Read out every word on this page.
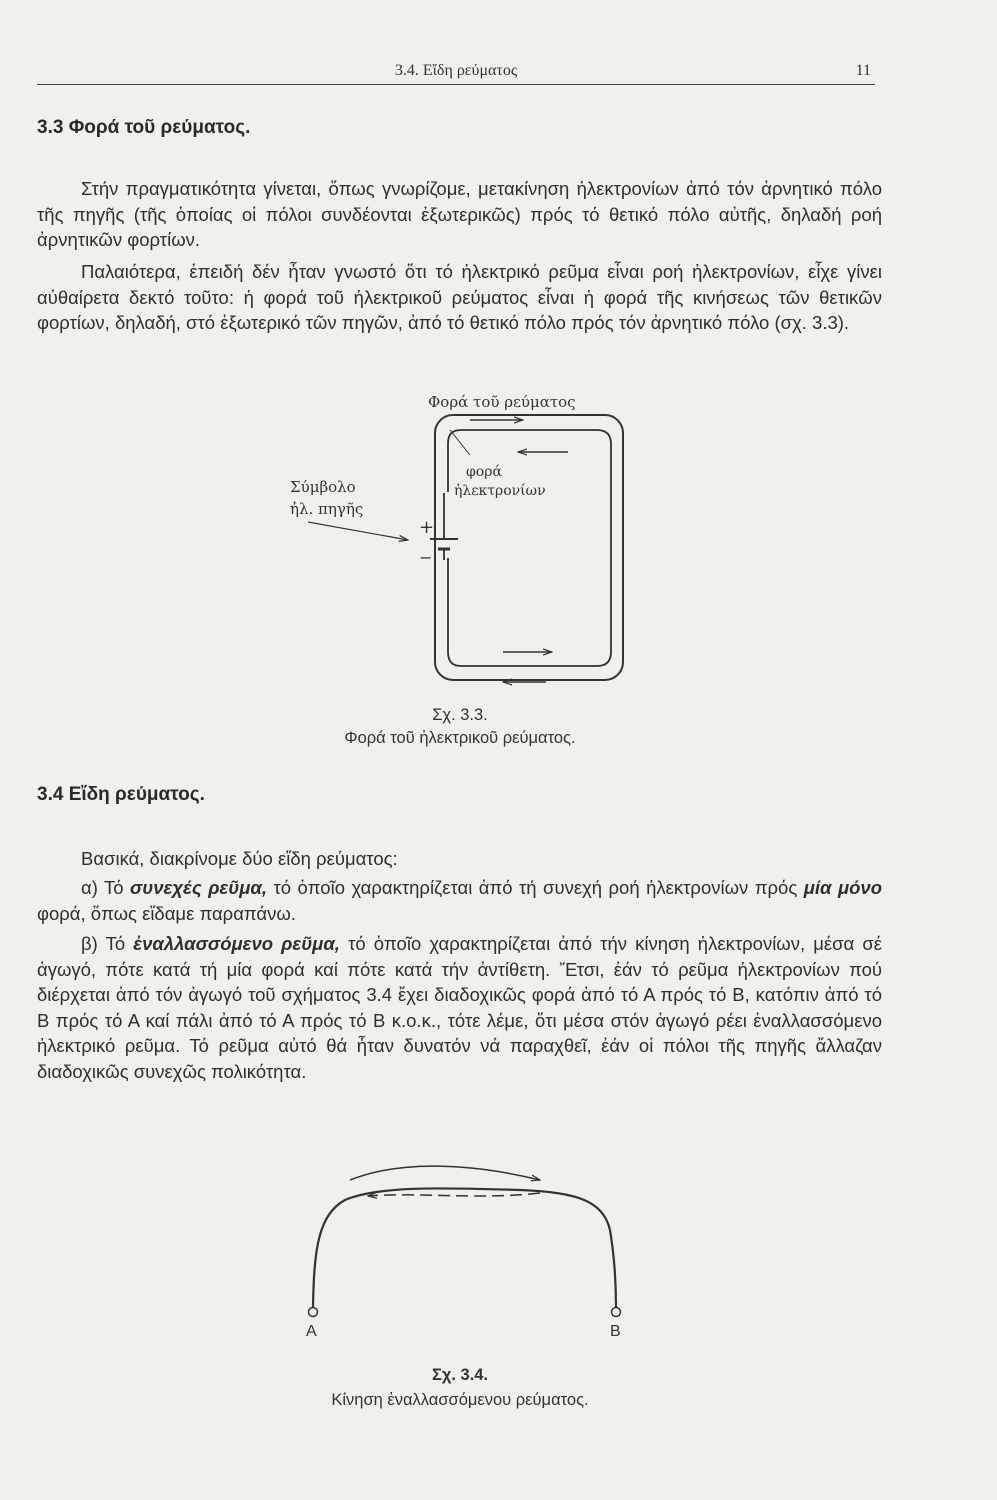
3.4. Εἴδη ρεύματος	11
3.3 Φορά τοῦ ρεύματος.
Στήν πραγματικότητα γίνεται, ὅπως γνωρίζομε, μετακίνηση ἠλεκτρονίων ἀπό τόν ἀρνητικό πόλο τῆς πηγῆς (τῆς ὁποίας οἱ πόλοι συνδέονται ἐξωτερικῶς) πρός τό θετικό πόλο αὐτῆς, δηλαδή ροή ἀρνητικῶν φορτίων.
Παλαιότερα, ἐπειδή δέν ἦταν γνωστό ὅτι τό ἠλεκτρικό ρεῦμα εἶναι ροή ἠλεκτρονίων, εἶχε γίνει αὐθαίρετα δεκτό τοῦτο: ἡ φορά τοῦ ἠλεκτρικοῦ ρεύματος εἶναι ἡ φορά τῆς κινήσεως τῶν θετικῶν φορτίων, δηλαδή, στό ἐξωτερικό τῶν πηγῶν, ἀπό τό θετικό πόλο πρός τόν ἀρνητικό πόλο (σχ. 3.3).
Φορά τοῦ ρεύματος
φορά
ἠλεκτρονίων
Σύμβολο
ἠλ. πηγῆς
+
−
Σχ. 3.3.
Φορά τοῦ ἠλεκτρικοῦ ρεύματος.
3.4 Εἴδη ρεύματος.
Βασικά, διακρίνομε δύο εἴδη ρεύματος:
α) Τό συνεχές ρεῦμα, τό ὁποῖο χαρακτηρίζεται ἀπό τή συνεχή ροή ἠλεκτρονίων πρός μία μόνο φορά, ὅπως εἴδαμε παραπάνω.
β) Τό ἐναλλασσόμενο ρεῦμα, τό ὁποῖο χαρακτηρίζεται ἀπό τήν κίνηση ἠλεκτρονίων, μέσα σέ ἀγωγό, πότε κατά τή μία φορά καί πότε κατά τήν ἀντίθετη. Ἔτσι, ἐάν τό ρεῦμα ἠλεκτρονίων πού διέρχεται ἀπό τόν ἀγωγό τοῦ σχήματος 3.4 ἔχει διαδοχικῶς φορά ἀπό τό Α πρός τό Β, κατόπιν ἀπό τό Β πρός τό Α καί πάλι ἀπό τό Α πρός τό Β κ.ο.κ., τότε λέμε, ὅτι μέσα στόν ἀγωγό ρέει ἐναλλασσόμενο ἠλεκτρικό ρεῦμα. Τό ρεῦμα αὐτό θά ἦταν δυνατόν νά παραχθεῖ, ἐάν οἱ πόλοι τῆς πηγῆς ἄλλαζαν διαδοχικῶς συνεχῶς πολικότητα.
Α	Β
Σχ. 3.4.
Κίνηση ἐναλλασσόμενου ρεύματος.
